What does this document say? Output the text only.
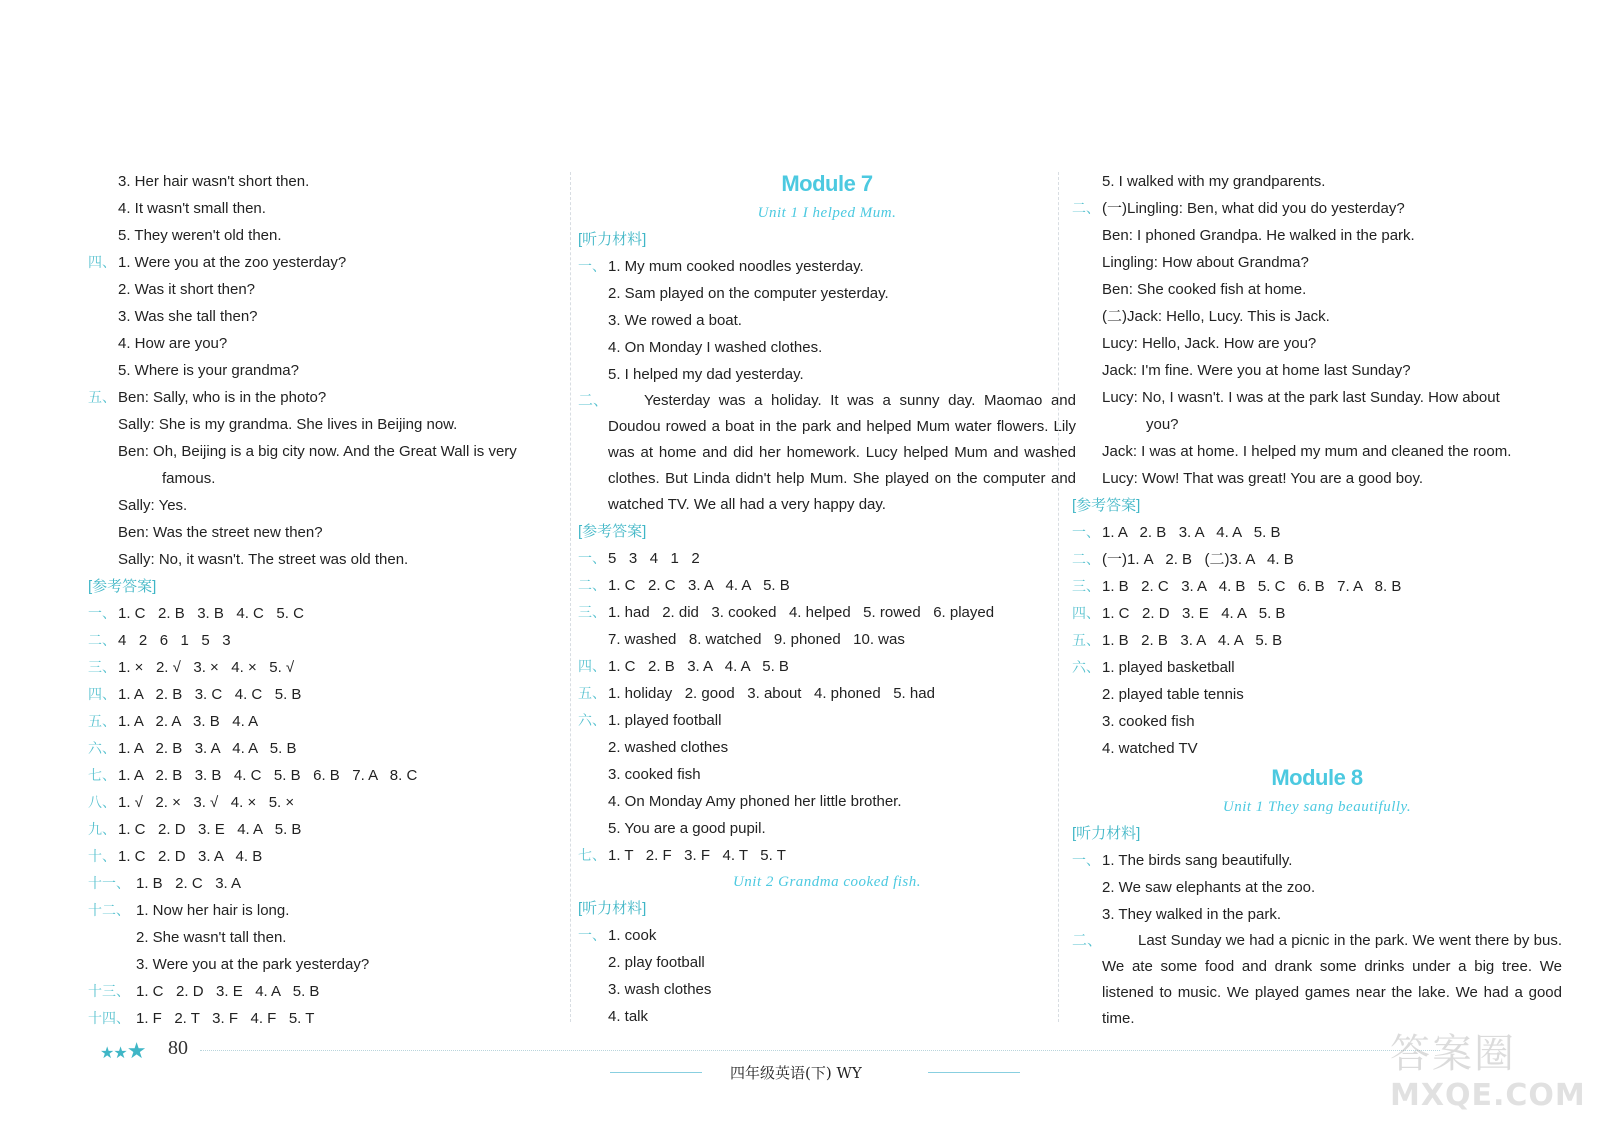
3. Her hair wasn't short then.
4. It wasn't small then.
5. They weren't old then.
四、 1. Were you at the zoo yesterday?
2. Was it short then?
3. Was she tall then?
4. How are you?
5. Where is your grandma?
五、 Ben: Sally, who is in the photo?
Sally: She is my grandma. She lives in Beijing now.
Ben: Oh, Beijing is a big city now. And the Great Wall is very
famous.
Sally: Yes.
Ben: Was the street new then?
Sally: No, it wasn't. The street was old then.
[参考答案]
一、 1. C   2. B   3. B   4. C   5. C
二、 4   2   6   1   5   3
三、 1. ×   2. √   3. ×   4. ×   5. √
四、 1. A   2. B   3. C   4. C   5. B
五、 1. A   2. A   3. B   4. A
六、 1. A   2. B   3. A   4. A   5. B
七、 1. A   2. B   3. B   4. C   5. B   6. B   7. A   8. C
八、 1. √   2. ×   3. √   4. ×   5. ×
九、 1. C   2. D   3. E   4. A   5. B
十、 1. C   2. D   3. A   4. B
十一、 1. B   2. C   3. A
十二、 1. Now her hair is long.
2. She wasn't tall then.
3. Were you at the park yesterday?
十三、 1. C   2. D   3. E   4. A   5. B
十四、 1. F   2. T   3. F   4. F   5. T
Module 7
Unit 1 I helped Mum.
[听力材料]
一、 1. My mum cooked noodles yesterday.
2. Sam played on the computer yesterday.
3. We rowed a boat.
4. On Monday I washed clothes.
5. I helped my dad yesterday.
二、 Yesterday was a holiday. It was a sunny day. Maomao and Doudou rowed a boat in the park and helped Mum water flowers. Lily was at home and did her homework. Lucy helped Mum and washed clothes. But Linda didn't help Mum. She played on the computer and watched TV. We all had a very happy day.
[参考答案]
一、 5   3   4   1   2
二、 1. C   2. C   3. A   4. A   5. B
三、 1. had   2. did   3. cooked   4. helped   5. rowed   6. played
7. washed   8. watched   9. phoned   10. was
四、 1. C   2. B   3. A   4. A   5. B
五、 1. holiday   2. good   3. about   4. phoned   5. had
六、 1. played football
2. washed clothes
3. cooked fish
4. On Monday Amy phoned her little brother.
5. You are a good pupil.
七、 1. T   2. F   3. F   4. T   5. T
Unit 2 Grandma cooked fish.
[听力材料]
一、 1. cook
2. play football
3. wash clothes
4. talk
5. I walked with my grandparents.
二、 (一)Lingling: Ben, what did you do yesterday?
Ben: I phoned Grandpa. He walked in the park.
Lingling: How about Grandma?
Ben: She cooked fish at home.
(二)Jack: Hello, Lucy. This is Jack.
Lucy: Hello, Jack. How are you?
Jack: I'm fine. Were you at home last Sunday?
Lucy: No, I wasn't. I was at the park last Sunday. How about
you?
Jack: I was at home. I helped my mum and cleaned the room.
Lucy: Wow! That was great! You are a good boy.
[参考答案]
一、 1. A   2. B   3. A   4. A   5. B
二、 (一)1. A   2. B   (二)3. A   4. B
三、 1. B   2. C   3. A   4. B   5. C   6. B   7. A   8. B
四、 1. C   2. D   3. E   4. A   5. B
五、 1. B   2. B   3. A   4. A   5. B
六、 1. played basketball
2. played table tennis
3. cooked fish
4. watched TV
Module 8
Unit 1 They sang beautifully.
[听力材料]
一、 1. The birds sang beautifully.
2. We saw elephants at the zoo.
3. They walked in the park.
二、 Last Sunday we had a picnic in the park. We went there by bus. We ate some food and drank some drinks under a big tree. We listened to music. We played games near the lake. We had a good time.
★★★ 80
四年级英语(下) WY	答案圈
MXQE.COM
